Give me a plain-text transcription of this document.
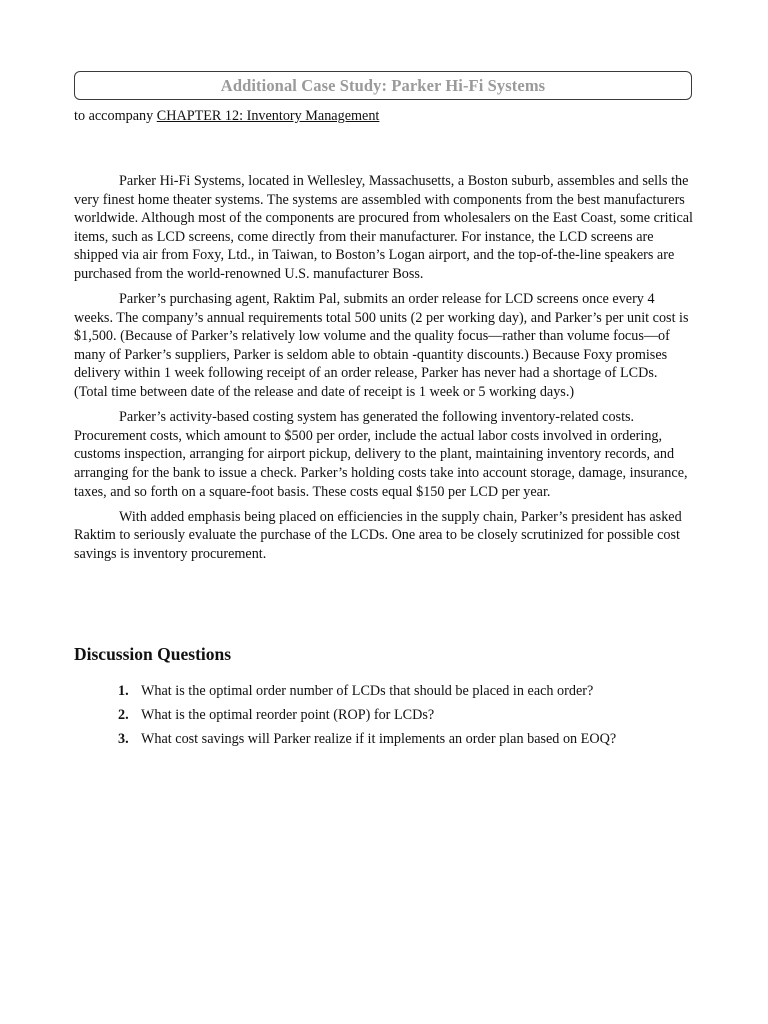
Additional Case Study: Parker Hi-Fi Systems
to accompany CHAPTER 12: Inventory Management

Parker Hi-Fi Systems, located in Wellesley, Massachusetts, a Boston suburb, assembles and sells the very finest home theater systems. The systems are assembled with components from the best manufacturers worldwide. Although most of the components are procured from wholesalers on the East Coast, some critical items, such as LCD screens, come directly from their manufacturer. For instance, the LCD screens are shipped via air from Foxy, Ltd., in Taiwan, to Boston’s Logan airport, and the top-of-the-line speakers are purchased from the world-renowned U.S. manufacturer Boss.

Parker’s purchasing agent, Raktim Pal, submits an order release for LCD screens once every 4 weeks. The company’s annual requirements total 500 units (2 per working day), and Parker’s per unit cost is $1,500. (Because of Parker’s relatively low volume and the quality focus—rather than volume focus—of many of Parker’s suppliers, Parker is seldom able to obtain -quantity discounts.) Because Foxy promises delivery within 1 week following receipt of an order release, Parker has never had a shortage of LCDs. (Total time between date of the release and date of receipt is 1 week or 5 working days.)

Parker’s activity-based costing system has generated the following inventory-related costs. Procurement costs, which amount to $500 per order, include the actual labor costs involved in ordering, customs inspection, arranging for airport pickup, delivery to the plant, maintaining inventory records, and arranging for the bank to issue a check. Parker’s holding costs take into account storage, damage, insurance, taxes, and so forth on a square-foot basis. These costs equal $150 per LCD per year.

With added emphasis being placed on efficiencies in the supply chain, Parker’s president has asked Raktim to seriously evaluate the purchase of the LCDs. One area to be closely scrutinized for possible cost savings is inventory procurement.

Discussion Questions
1. What is the optimal order number of LCDs that should be placed in each order?
2. What is the optimal reorder point (ROP) for LCDs?
3. What cost savings will Parker realize if it implements an order plan based on EOQ?
